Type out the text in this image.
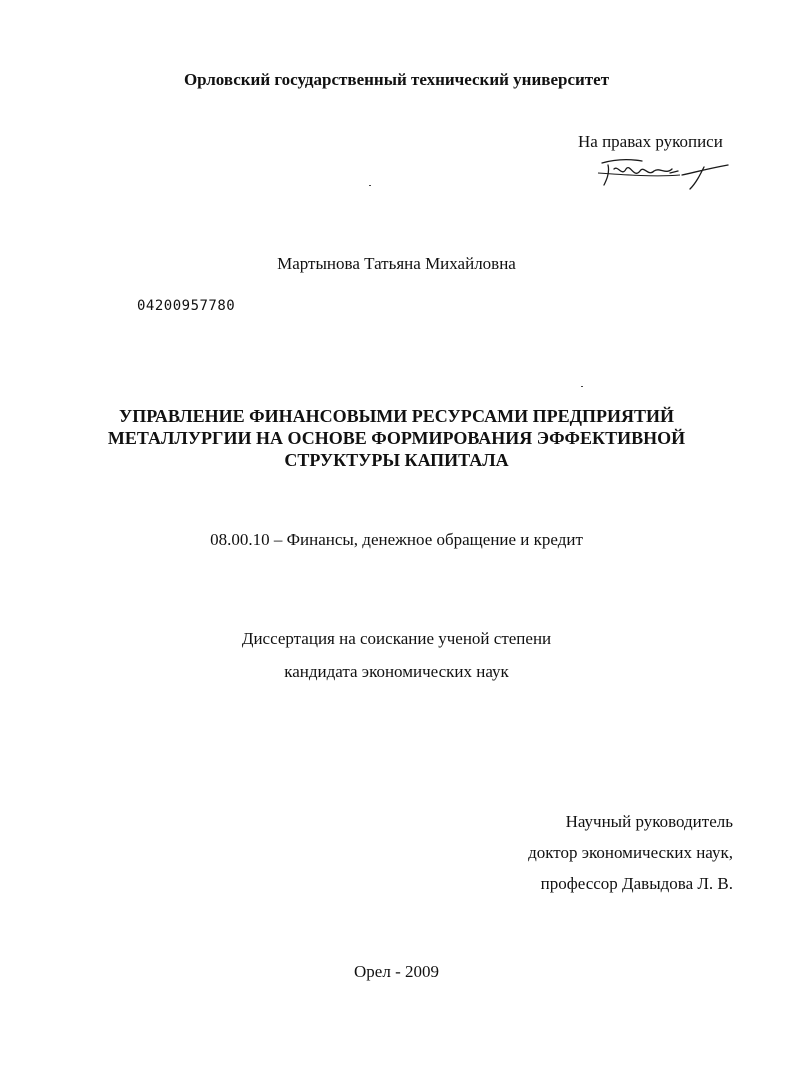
Орловский государственный технический университет
На правах рукописи
Мартынова Татьяна Михайловна
04200957780
УПРАВЛЕНИЕ ФИНАНСОВЫМИ РЕСУРСАМИ ПРЕДПРИЯТИЙ
МЕТАЛЛУРГИИ НА ОСНОВЕ ФОРМИРОВАНИЯ ЭФФЕКТИВНОЙ
СТРУКТУРЫ КАПИТАЛА
08.00.10 – Финансы, денежное обращение и кредит
Диссертация на соискание ученой степени
кандидата экономических наук
Научный руководитель
доктор экономических наук,
профессор Давыдова Л. В.
Орел - 2009
